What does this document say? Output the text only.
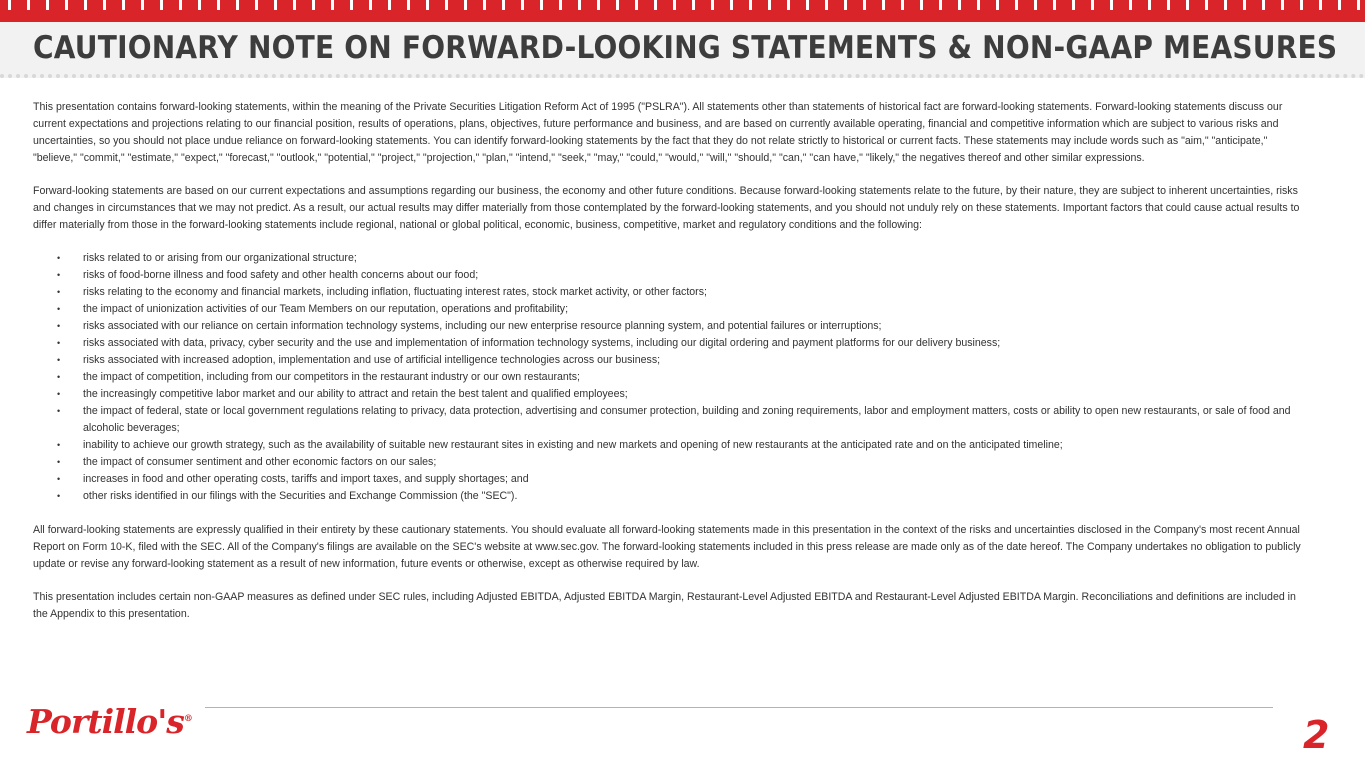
CAUTIONARY NOTE ON FORWARD-LOOKING STATEMENTS & NON-GAAP MEASURES

This presentation contains forward-looking statements, within the meaning of the Private Securities Litigation Reform Act of 1995 ("PSLRA"). All statements other than statements of historical fact are forward-looking statements. Forward-looking statements discuss our current expectations and projections relating to our financial position, results of operations, plans, objectives, future performance and business, and are based on currently available operating, financial and competitive information which are subject to various risks and uncertainties, so you should not place undue reliance on forward-looking statements. You can identify forward-looking statements by the fact that they do not relate strictly to historical or current facts. These statements may include words such as "aim," "anticipate," "believe," "commit," "estimate," "expect," "forecast," "outlook," "potential," "project," "projection," "plan," "intend," "seek," "may," "could," "would," "will," "should," "can," "can have," "likely," the negatives thereof and other similar expressions.

Forward-looking statements are based on our current expectations and assumptions regarding our business, the economy and other future conditions. Because forward-looking statements relate to the future, by their nature, they are subject to inherent uncertainties, risks and changes in circumstances that we may not predict. As a result, our actual results may differ materially from those contemplated by the forward-looking statements, and you should not unduly rely on these statements. Important factors that could cause actual results to differ materially from those in the forward-looking statements include regional, national or global political, economic, business, competitive, market and regulatory conditions and the following:

• risks related to or arising from our organizational structure;
• risks of food-borne illness and food safety and other health concerns about our food;
• risks relating to the economy and financial markets, including inflation, fluctuating interest rates, stock market activity, or other factors;
• the impact of unionization activities of our Team Members on our reputation, operations and profitability;
• risks associated with our reliance on certain information technology systems, including our new enterprise resource planning system, and potential failures or interruptions;
• risks associated with data, privacy, cyber security and the use and implementation of information technology systems, including our digital ordering and payment platforms for our delivery business;
• risks associated with increased adoption, implementation and use of artificial intelligence technologies across our business;
• the impact of competition, including from our competitors in the restaurant industry or our own restaurants;
• the increasingly competitive labor market and our ability to attract and retain the best talent and qualified employees;
• the impact of federal, state or local government regulations relating to privacy, data protection, advertising and consumer protection, building and zoning requirements, labor and employment matters, costs or ability to open new restaurants, or sale of food and alcoholic beverages;
• inability to achieve our growth strategy, such as the availability of suitable new restaurant sites in existing and new markets and opening of new restaurants at the anticipated rate and on the anticipated timeline;
• the impact of consumer sentiment and other economic factors on our sales;
• increases in food and other operating costs, tariffs and import taxes, and supply shortages; and
• other risks identified in our filings with the Securities and Exchange Commission (the "SEC").

All forward-looking statements are expressly qualified in their entirety by these cautionary statements. You should evaluate all forward-looking statements made in this presentation in the context of the risks and uncertainties disclosed in the Company's most recent Annual Report on Form 10-K, filed with the SEC. All of the Company's filings are available on the SEC's website at www.sec.gov. The forward-looking statements included in this press release are made only as of the date hereof. The Company undertakes no obligation to publicly update or revise any forward-looking statement as a result of new information, future events or otherwise, except as otherwise required by law.

This presentation includes certain non-GAAP measures as defined under SEC rules, including Adjusted EBITDA, Adjusted EBITDA Margin, Restaurant-Level Adjusted EBITDA and Restaurant-Level Adjusted EBITDA Margin. Reconciliations and definitions are included in the Appendix to this presentation.

Portillo's®	2
